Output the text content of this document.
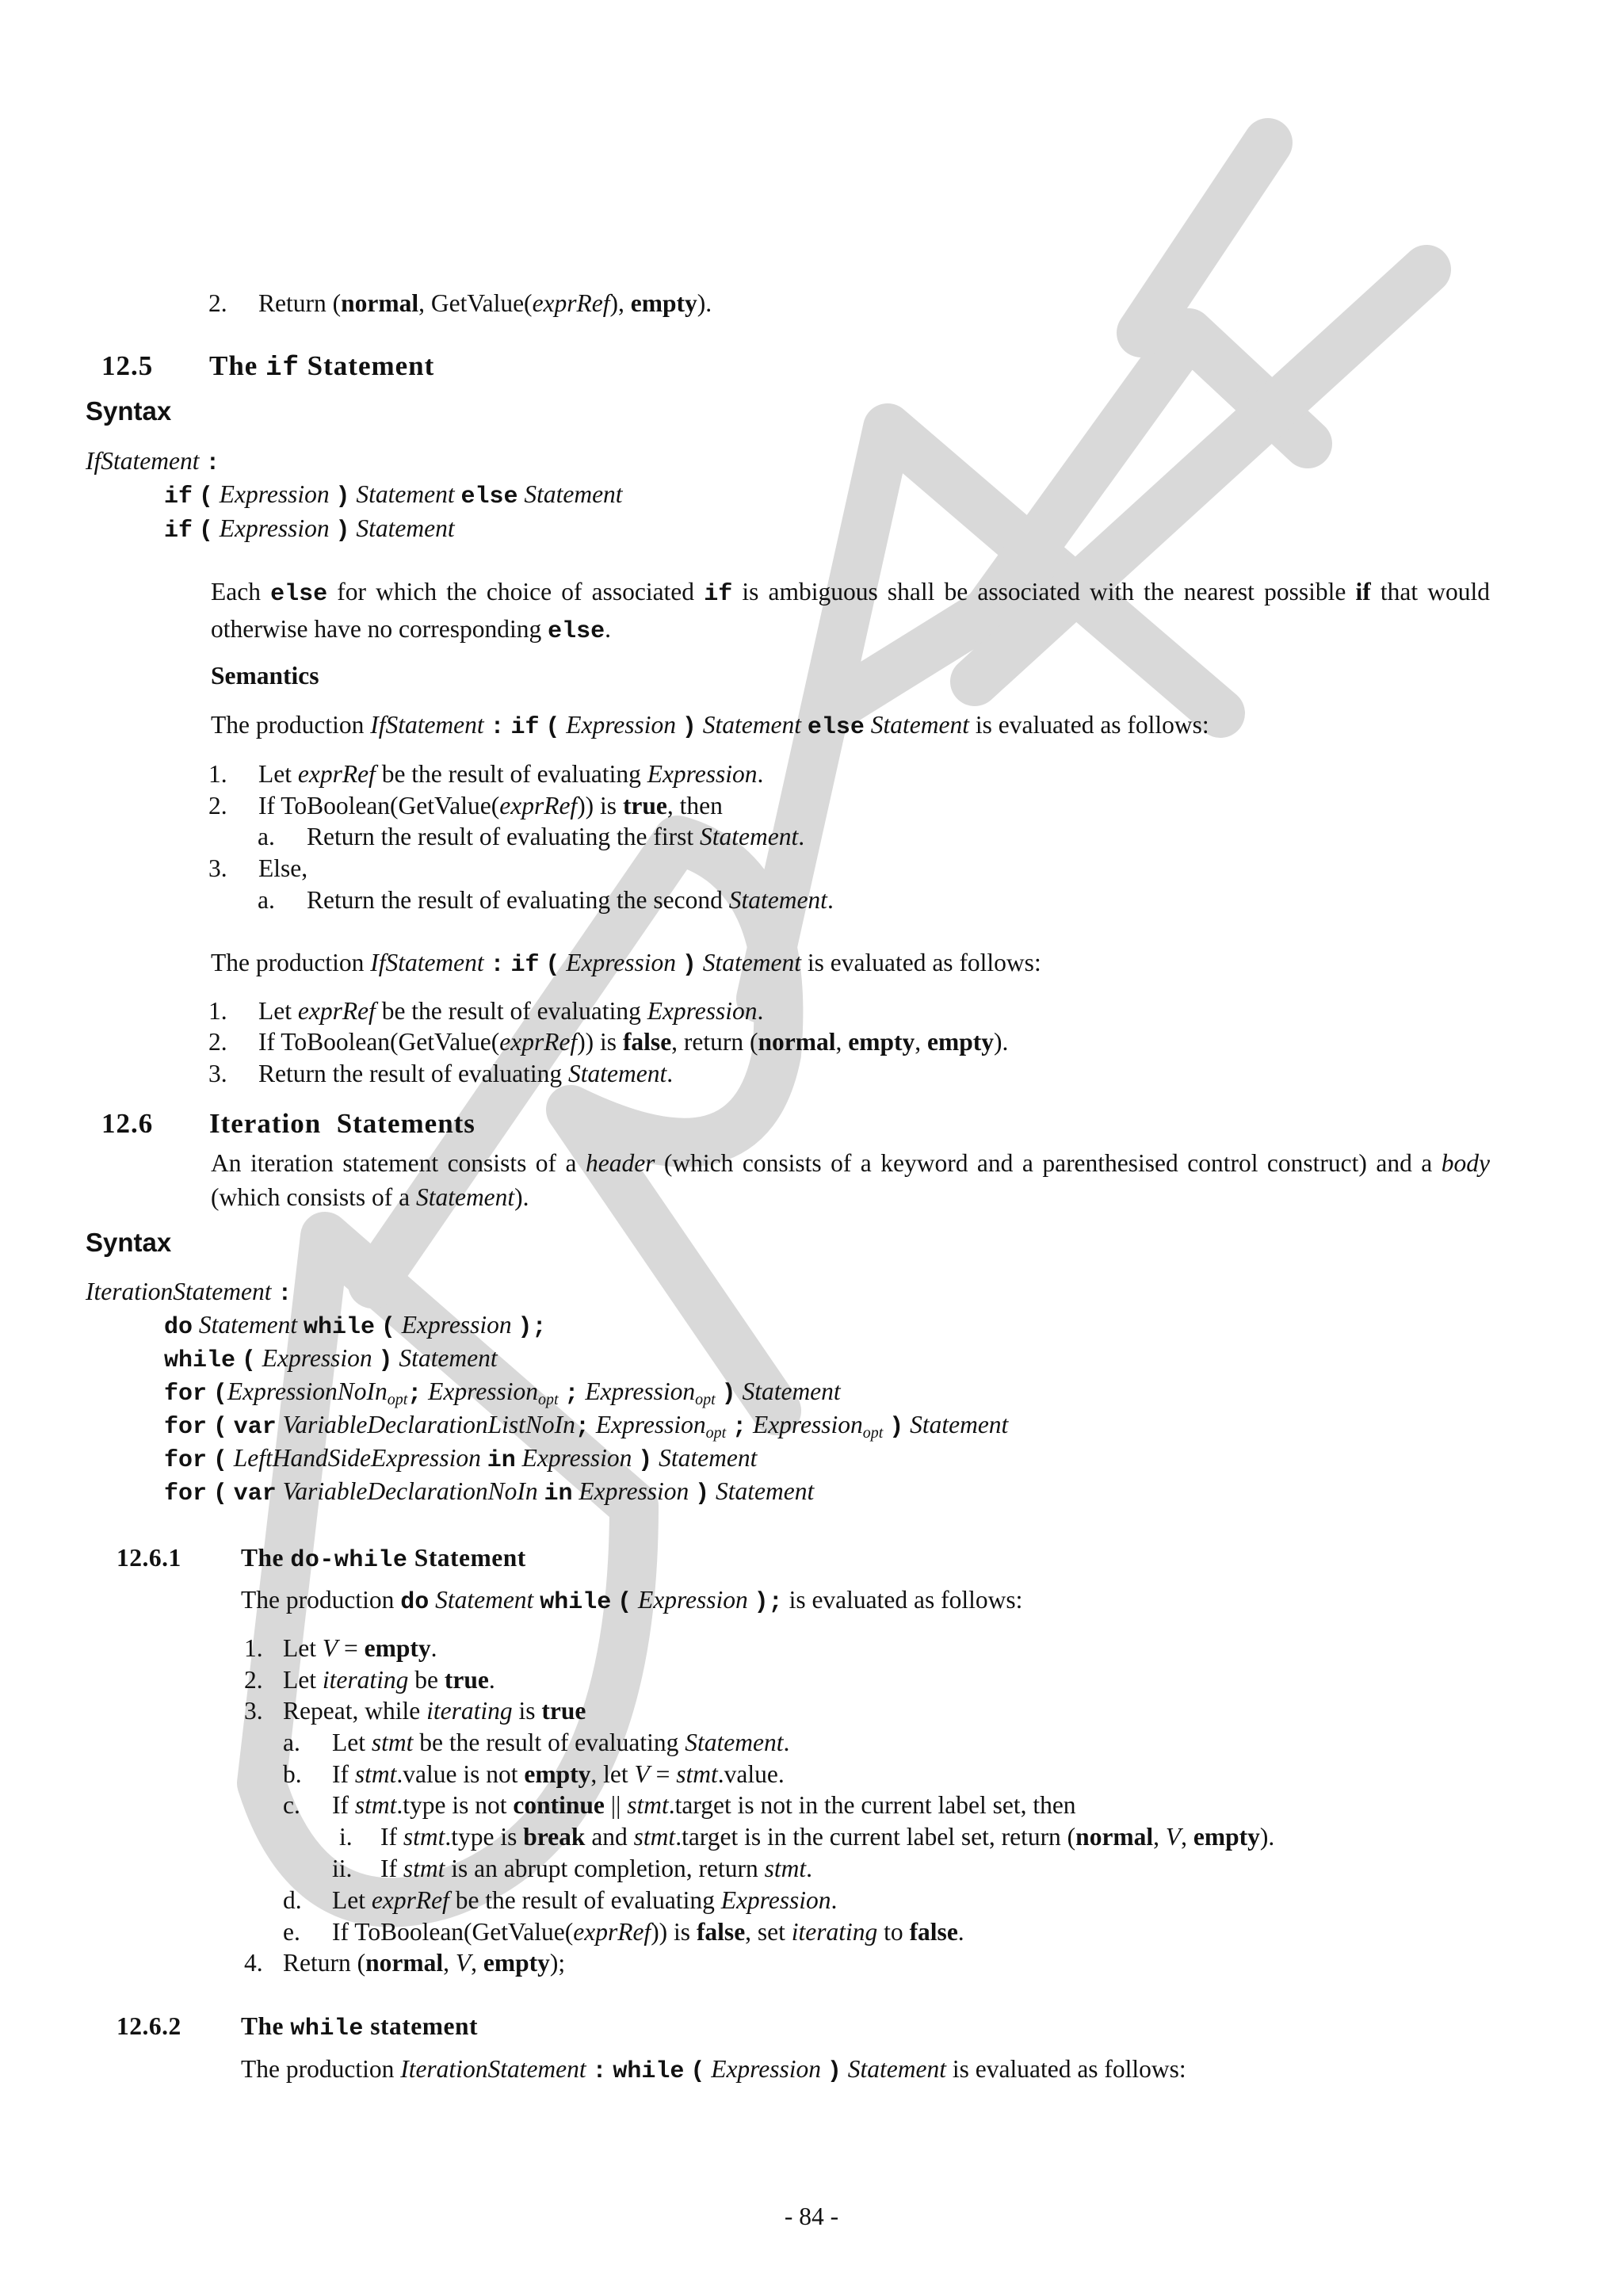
2. Return (normal, GetValue(exprRef), empty).
12.5 The if Statement
Syntax
IfStatement :
if ( Expression ) Statement else Statement
if ( Expression ) Statement
Each else for which the choice of associated if is ambiguous shall be associated with the nearest possible if that would otherwise have no corresponding else.
Semantics
The production IfStatement : if ( Expression ) Statement else Statement is evaluated as follows:
1. Let exprRef be the result of evaluating Expression.
2. If ToBoolean(GetValue(exprRef)) is true, then
a. Return the result of evaluating the first Statement.
3. Else,
a. Return the result of evaluating the second Statement.
The production IfStatement : if ( Expression ) Statement is evaluated as follows:
1. Let exprRef be the result of evaluating Expression.
2. If ToBoolean(GetValue(exprRef)) is false, return (normal, empty, empty).
3. Return the result of evaluating Statement.
12.6 Iteration  Statements
An iteration statement consists of a header (which consists of a keyword and a parenthesised control construct) and a body (which consists of a Statement).
Syntax
IterationStatement :
do Statement while ( Expression );
while ( Expression ) Statement
for (ExpressionNoIn$_{opt}$; Expression$_{opt}$ ; Expression$_{opt}$ ) Statement
for ( var VariableDeclarationListNoIn; Expression$_{opt}$ ; Expression$_{opt}$ ) Statement
for ( LeftHandSideExpression in Expression ) Statement
for ( var VariableDeclarationNoIn in Expression ) Statement
12.6.1 The do-while Statement
The production do Statement while ( Expression ); is evaluated as follows:
1. Let V = empty.
2. Let iterating be true.
3. Repeat, while iterating is true
a. Let stmt be the result of evaluating Statement.
b. If stmt.value is not empty, let V = stmt.value.
c. If stmt.type is not continue || stmt.target is not in the current label set, then
i. If stmt.type is break and stmt.target is in the current label set, return (normal, V, empty).
ii. If stmt is an abrupt completion, return stmt.
d. Let exprRef be the result of evaluating Expression.
e. If ToBoolean(GetValue(exprRef)) is false, set iterating to false.
4. Return (normal, V, empty);
12.6.2 The while statement
The production IterationStatement : while ( Expression ) Statement is evaluated as follows:
- 84 -
